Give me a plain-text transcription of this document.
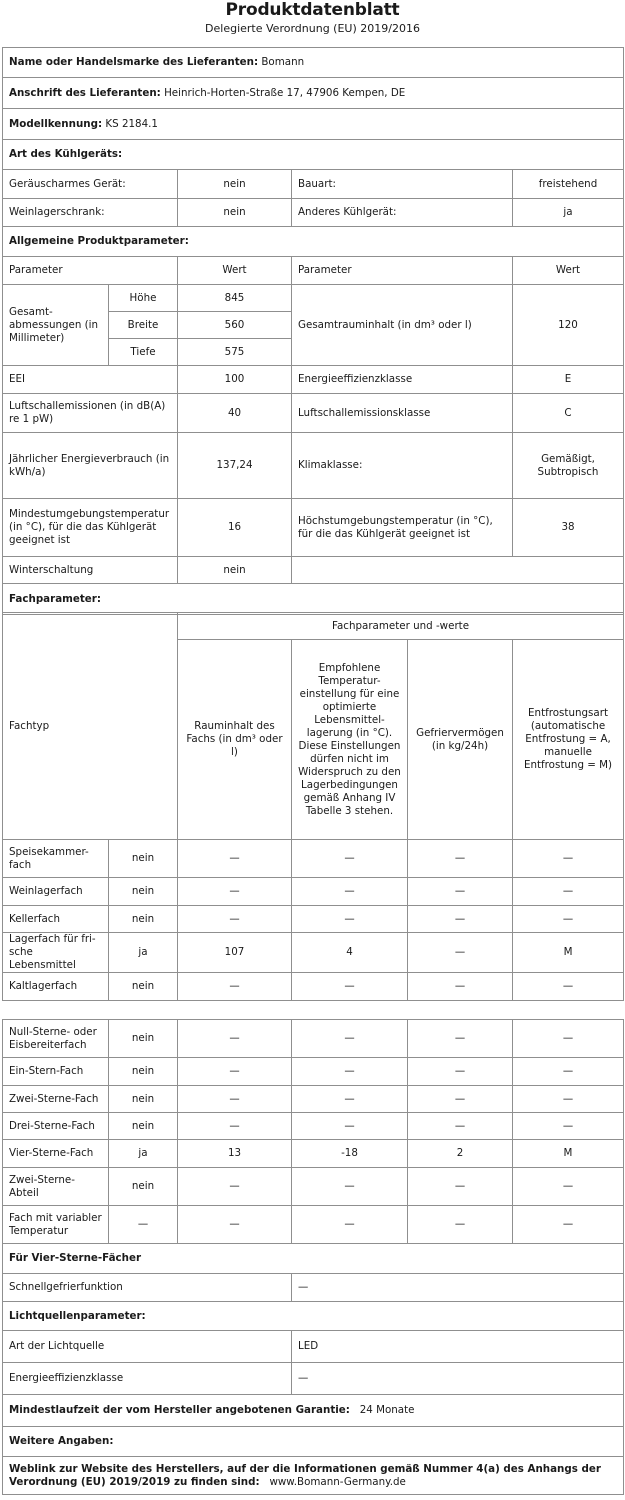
Produktdatenblatt
Delegierte Verordnung (EU) 2019/2016
Name oder Handelsmarke des Lieferanten: Bomann				
Anschrift des Lieferanten: Heinrich-Horten-Straße 17, 47906 Kempen, DE				
Modellkennung: KS 2184.1				
Art des Kühlgeräts:				
Geräuscharmes Gerät:		nein	Bauart:	freistehend
Weinlagerschrank:		nein	Anderes Kühlgerät:	ja
Allgemeine Produktparameter:				
Parameter		Wert	Parameter	Wert
Gesamt-abmessungen (in Millimeter)	Höhe	845	Gesamtrauminhalt (in dm³ oder l)	120
	Breite	560		
	Tiefe	575		
EEI		100	Energieeffizienzklasse	E
Luftschallemissionen (in dB(A) re 1 pW)		40	Luftschallemissionsklasse	C
Jährlicher Energieverbrauch (in kWh/a)		137,24	Klimaklasse:	Gemäßigt, Subtropisch
Mindestumgebungstemperatur (in °C), für die das Kühlgerät geeignet ist		16	Höchstumgebungstemperatur (in °C), für die das Kühlgerät geeignet ist	38
Winterschaltung		nein		
Fachparameter:				
Fachtyp		Fachparameter und -werte			
		Rauminhalt des Fachs (in dm³ oder l)	Empfohlene Temperatur-einstellung für eine optimierte Lebensmittel-lagerung (in °C). Diese Einstellungen dürfen nicht im Widerspruch zu den Lagerbedingungen gemäß Anhang IV Tabelle 3 stehen.	Gefriervermögen (in kg/24h)	Entfrostungsart (automatische Entfrostung = A, manuelle Entfrostung = M)
Speisekammer-fach	nein	—	—	—	—
Weinlagerfach	nein	—	—	—	—
Kellerfach	nein	—	—	—	—
Lagerfach für fri-sche Lebensmittel	ja	107	4	—	M
Kaltlagerfach	nein	—	—	—	—
Null-Sterne- oder Eisbereiterfach	nein	—	—	—	—
Ein-Stern-Fach	nein	—	—	—	—
Zwei-Sterne-Fach	nein	—	—	—	—
Drei-Sterne-Fach	nein	—	—	—	—
Vier-Sterne-Fach	ja	13	-18	2	M
Zwei-Sterne-Abteil	nein	—	—	—	—
Fach mit variabler Temperatur	—	—	—	—	—
Für Vier-Sterne-Fächer					
Schnellgefrierfunktion			—		
Lichtquellenparameter:					
Art der Lichtquelle			LED		
Energieeffizienzklasse			—		
Mindestlaufzeit der vom Hersteller angebotenen Garantie: 24 Monate					
Weitere Angaben:					
Weblink zur Website des Herstellers, auf der die Informationen gemäß Nummer 4(a) des Anhangs der Verordnung (EU) 2019/2019 zu finden sind: www.Bomann-Germany.de					
